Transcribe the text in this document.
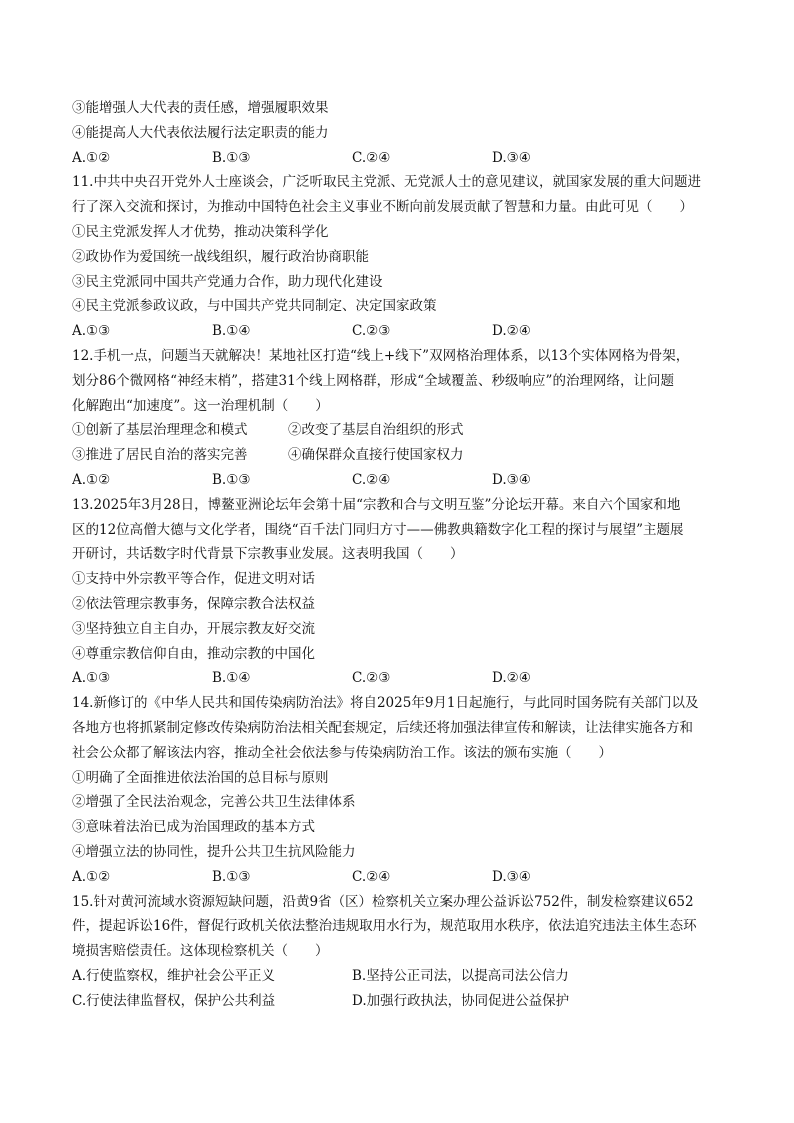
③能增强人大代表的责任感，增强履职效果
④能提高人大代表依法履行法定职责的能力
A.①②	B.①③	C.②④	D.③④
11.中共中央召开党外人士座谈会，广泛听取民主党派、无党派人士的意见建议，就国家发展的重大问题进
行了深入交流和探讨，为推动中国特色社会主义事业不断向前发展贡献了智慧和力量。由此可见（　　）
①民主党派发挥人才优势，推动决策科学化
②政协作为爱国统一战线组织，履行政治协商职能
③民主党派同中国共产党通力合作，助力现代化建设
④民主党派参政议政，与中国共产党共同制定、决定国家政策
A.①③	B.①④	C.②③	D.②④
12.手机一点，问题当天就解决！某地社区打造“线上+线下”双网格治理体系，以13个实体网格为骨架，
划分86个微网格“神经末梢”，搭建31个线上网格群，形成“全域覆盖、秒级响应”的治理网络，让问题
化解跑出“加速度”。这一治理机制（　　）
①创新了基层治理理念和模式　　　②改变了基层自治组织的形式
③推进了居民自治的落实完善　　　④确保群众直接行使国家权力
A.①②	B.①③	C.②④	D.③④
13.2025年3月28日，博鳌亚洲论坛年会第十届“宗教和合与文明互鉴”分论坛开幕。来自六个国家和地
区的12位高僧大德与文化学者，围绕“百千法门同归方寸——佛教典籍数字化工程的探讨与展望”主题展
开研讨，共话数字时代背景下宗教事业发展。这表明我国（　　）
①支持中外宗教平等合作，促进文明对话
②依法管理宗教事务，保障宗教合法权益
③坚持独立自主自办，开展宗教友好交流
④尊重宗教信仰自由，推动宗教的中国化
A.①③	B.①④	C.②③	D.②④
14.新修订的《中华人民共和国传染病防治法》将自2025年9月1日起施行，与此同时国务院有关部门以及
各地方也将抓紧制定修改传染病防治法相关配套规定，后续还将加强法律宣传和解读，让法律实施各方和
社会公众都了解该法内容，推动全社会依法参与传染病防治工作。该法的颁布实施（　　）
①明确了全面推进依法治国的总目标与原则
②增强了全民法治观念，完善公共卫生法律体系
③意味着法治已成为治国理政的基本方式
④增强立法的协同性，提升公共卫生抗风险能力
A.①②	B.①③	C.②④	D.③④
15.针对黄河流域水资源短缺问题，沿黄9省（区）检察机关立案办理公益诉讼752件，制发检察建议652
件，提起诉讼16件，督促行政机关依法整治违规取用水行为，规范取用水秩序，依法追究违法主体生态环
境损害赔偿责任。这体现检察机关（　　）
A.行使监察权，维护社会公平正义	B.坚持公正司法，以提高司法公信力
C.行使法律监督权，保护公共利益	D.加强行政执法，协同促进公益保护
